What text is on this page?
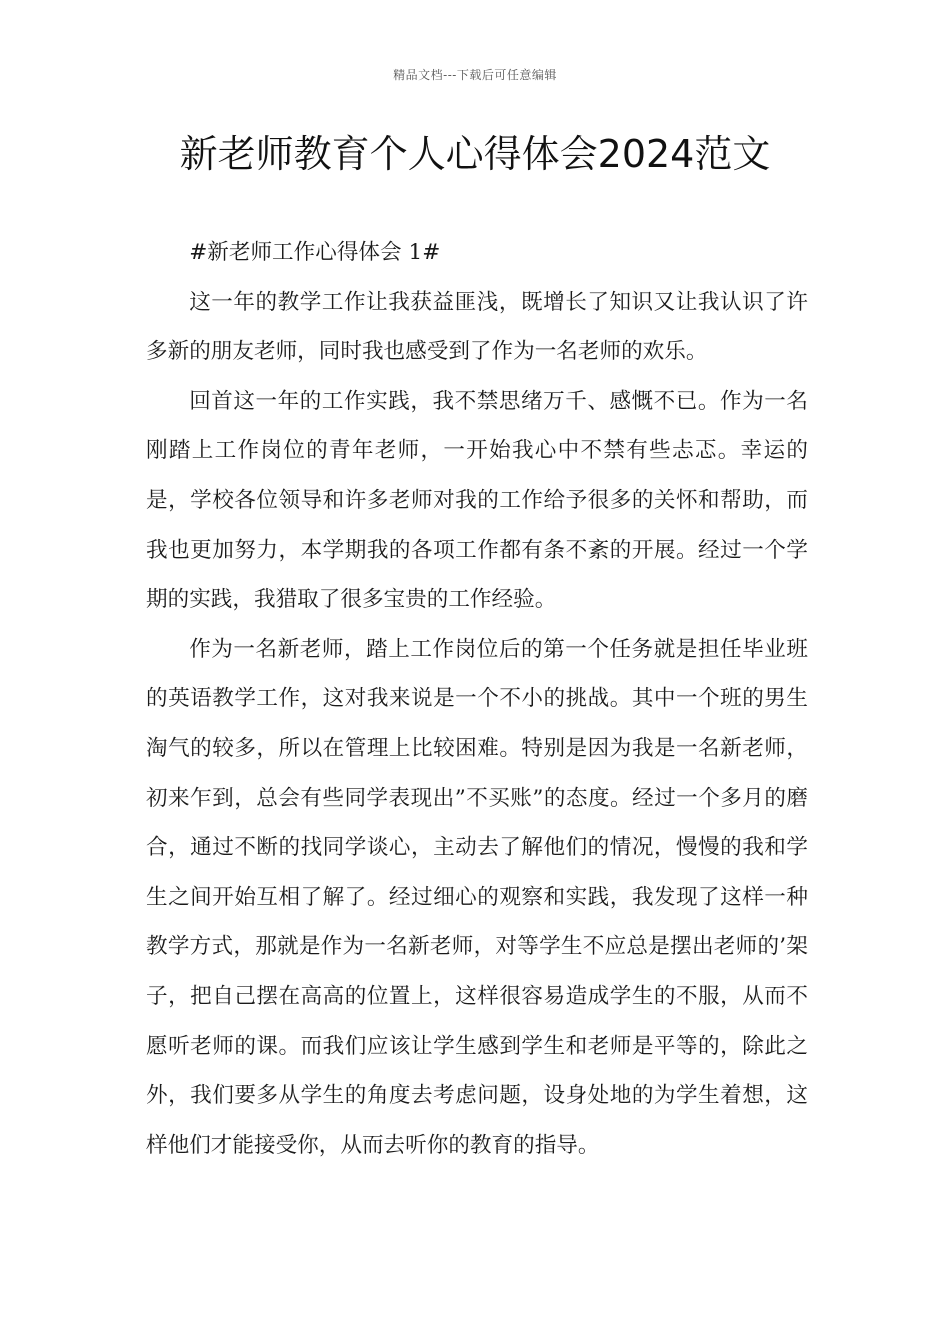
精品文档---下载后可任意编辑
新老师教育个人心得体会2024范文

#新老师工作心得体会 1#

这一年的教学工作让我获益匪浅，既增长了知识又让我认识了许多新的朋友老师，同时我也感受到了作为一名老师的欢乐。

回首这一年的工作实践，我不禁思绪万千、感慨不已。作为一名刚踏上工作岗位的青年老师，一开始我心中不禁有些忐忑。幸运的是，学校各位领导和许多老师对我的工作给予很多的关怀和帮助，而我也更加努力，本学期我的各项工作都有条不紊的开展。经过一个学期的实践，我猎取了很多宝贵的工作经验。

作为一名新老师，踏上工作岗位后的第一个任务就是担任毕业班的英语教学工作，这对我来说是一个不小的挑战。其中一个班的男生淘气的较多，所以在管理上比较困难。特别是因为我是一名新老师，初来乍到，总会有些同学表现出”不买账”的态度。经过一个多月的磨合，通过不断的找同学谈心，主动去了解他们的情况，慢慢的我和学生之间开始互相了解了。经过细心的观察和实践，我发现了这样一种教学方式，那就是作为一名新老师，对等学生不应总是摆出老师的’架子，把自己摆在高高的位置上，这样很容易造成学生的不服，从而不愿听老师的课。而我们应该让学生感到学生和老师是平等的，除此之外，我们要多从学生的角度去考虑问题，设身处地的为学生着想，这样他们才能接受你，从而去听你的教育的指导。
